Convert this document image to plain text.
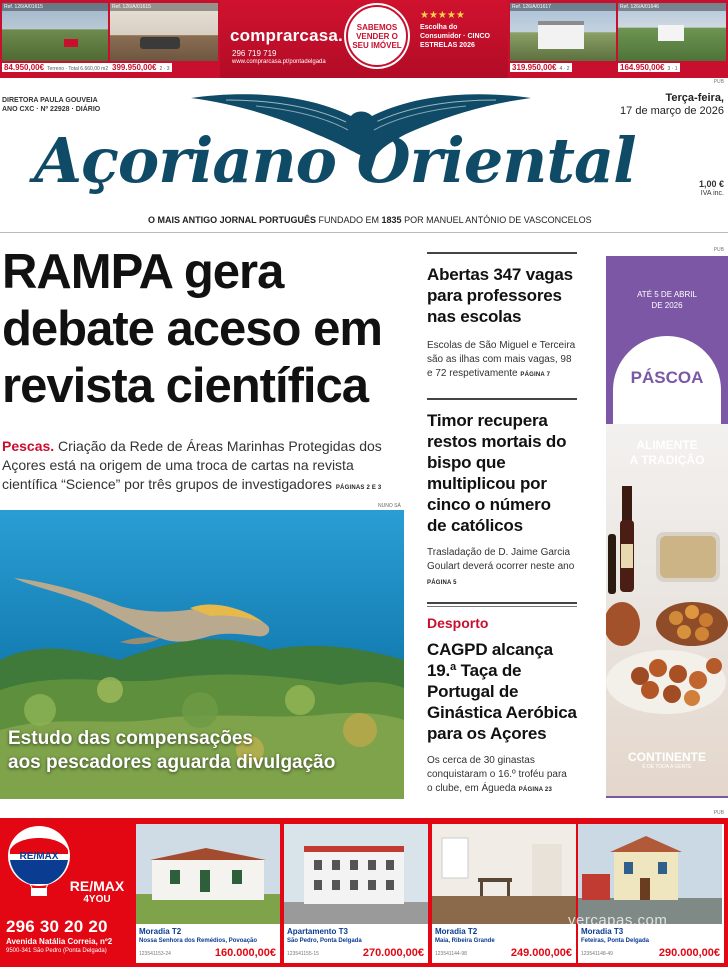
Ref. 126/A/01615
84.950,00€ Terreno · Total 6.660,00 m2
Ref. 126/A/01615
399.950,00€ 2 · 3
comprarcasa.
296 719 719
www.comprarcasa.pt/pontadelgada
SABEMOS VENDER O SEU IMÓVEL
★★★★★
Escolha do Consumidor · CINCO ESTRELAS 2026
Ref. 126/A/01617
319.950,00€ 4 · 2
Ref. 126/A/01646
164.950,00€ 3 · 1
PUB
DIRETORA PAULA GOUVEIA
ANO CXC · Nº 22928 · DIÁRIO
Açoriano Oriental
Terça-feira,
17 de março de 2026
1,00 €
IVA inc.
O MAIS ANTIGO JORNAL PORTUGUÊS FUNDADO EM 1835 POR MANUEL ANTÓNIO DE VASCONCELOS
RAMPA gera debate aceso em revista científica
Pescas. Criação da Rede de Áreas Marinhas Protegidas dos Açores está na origem de uma troca de cartas na revista científica “Science” por três grupos de investigadores PÁGINAS 2 E 3
NUNO SÁ
Estudo das compensações
aos pescadores aguarda divulgação
Abertas 347 vagas para professores nas escolas
Escolas de São Miguel e Terceira são as ilhas com mais vagas, 98 e 72 respetivamente PÁGINA 7
Timor recupera restos mortais do bispo que multiplicou por cinco o número de católicos
Trasladação de D. Jaime Garcia Goulart deverá ocorrer neste ano
PÁGINA 5
Desporto
CAGPD alcança 19.ª Taça de Portugal de Ginástica Aeróbica para os Açores
Os cerca de 30 ginastas conquistaram o 16.º troféu para o clube, em Águeda PÁGINA 23
PUB
ATÉ 5 DE ABRIL
DE 2026
PÁSCOA
ALIMENTE
A TRADIÇÃO
CONTINENTE
É DE TODA A GENTE
PUB
RE/MAX
RE/MAX
4YOU
296 30 20 20
Avenida Natália Correia, nº2
9500-341 São Pedro (Ponta Delgada)
Moradia T2
Nossa Senhora dos Remédios, Povoação
123541153-24	160.000,00€
Apartamento T3
São Pedro, Ponta Delgada
123541155-15	270.000,00€
Moradia T2
Maia, Ribeira Grande
123541144-98	249.000,00€
Moradia T3
Feteiras, Ponta Delgada
123541148-49	290.000,00€
vercapas.com
